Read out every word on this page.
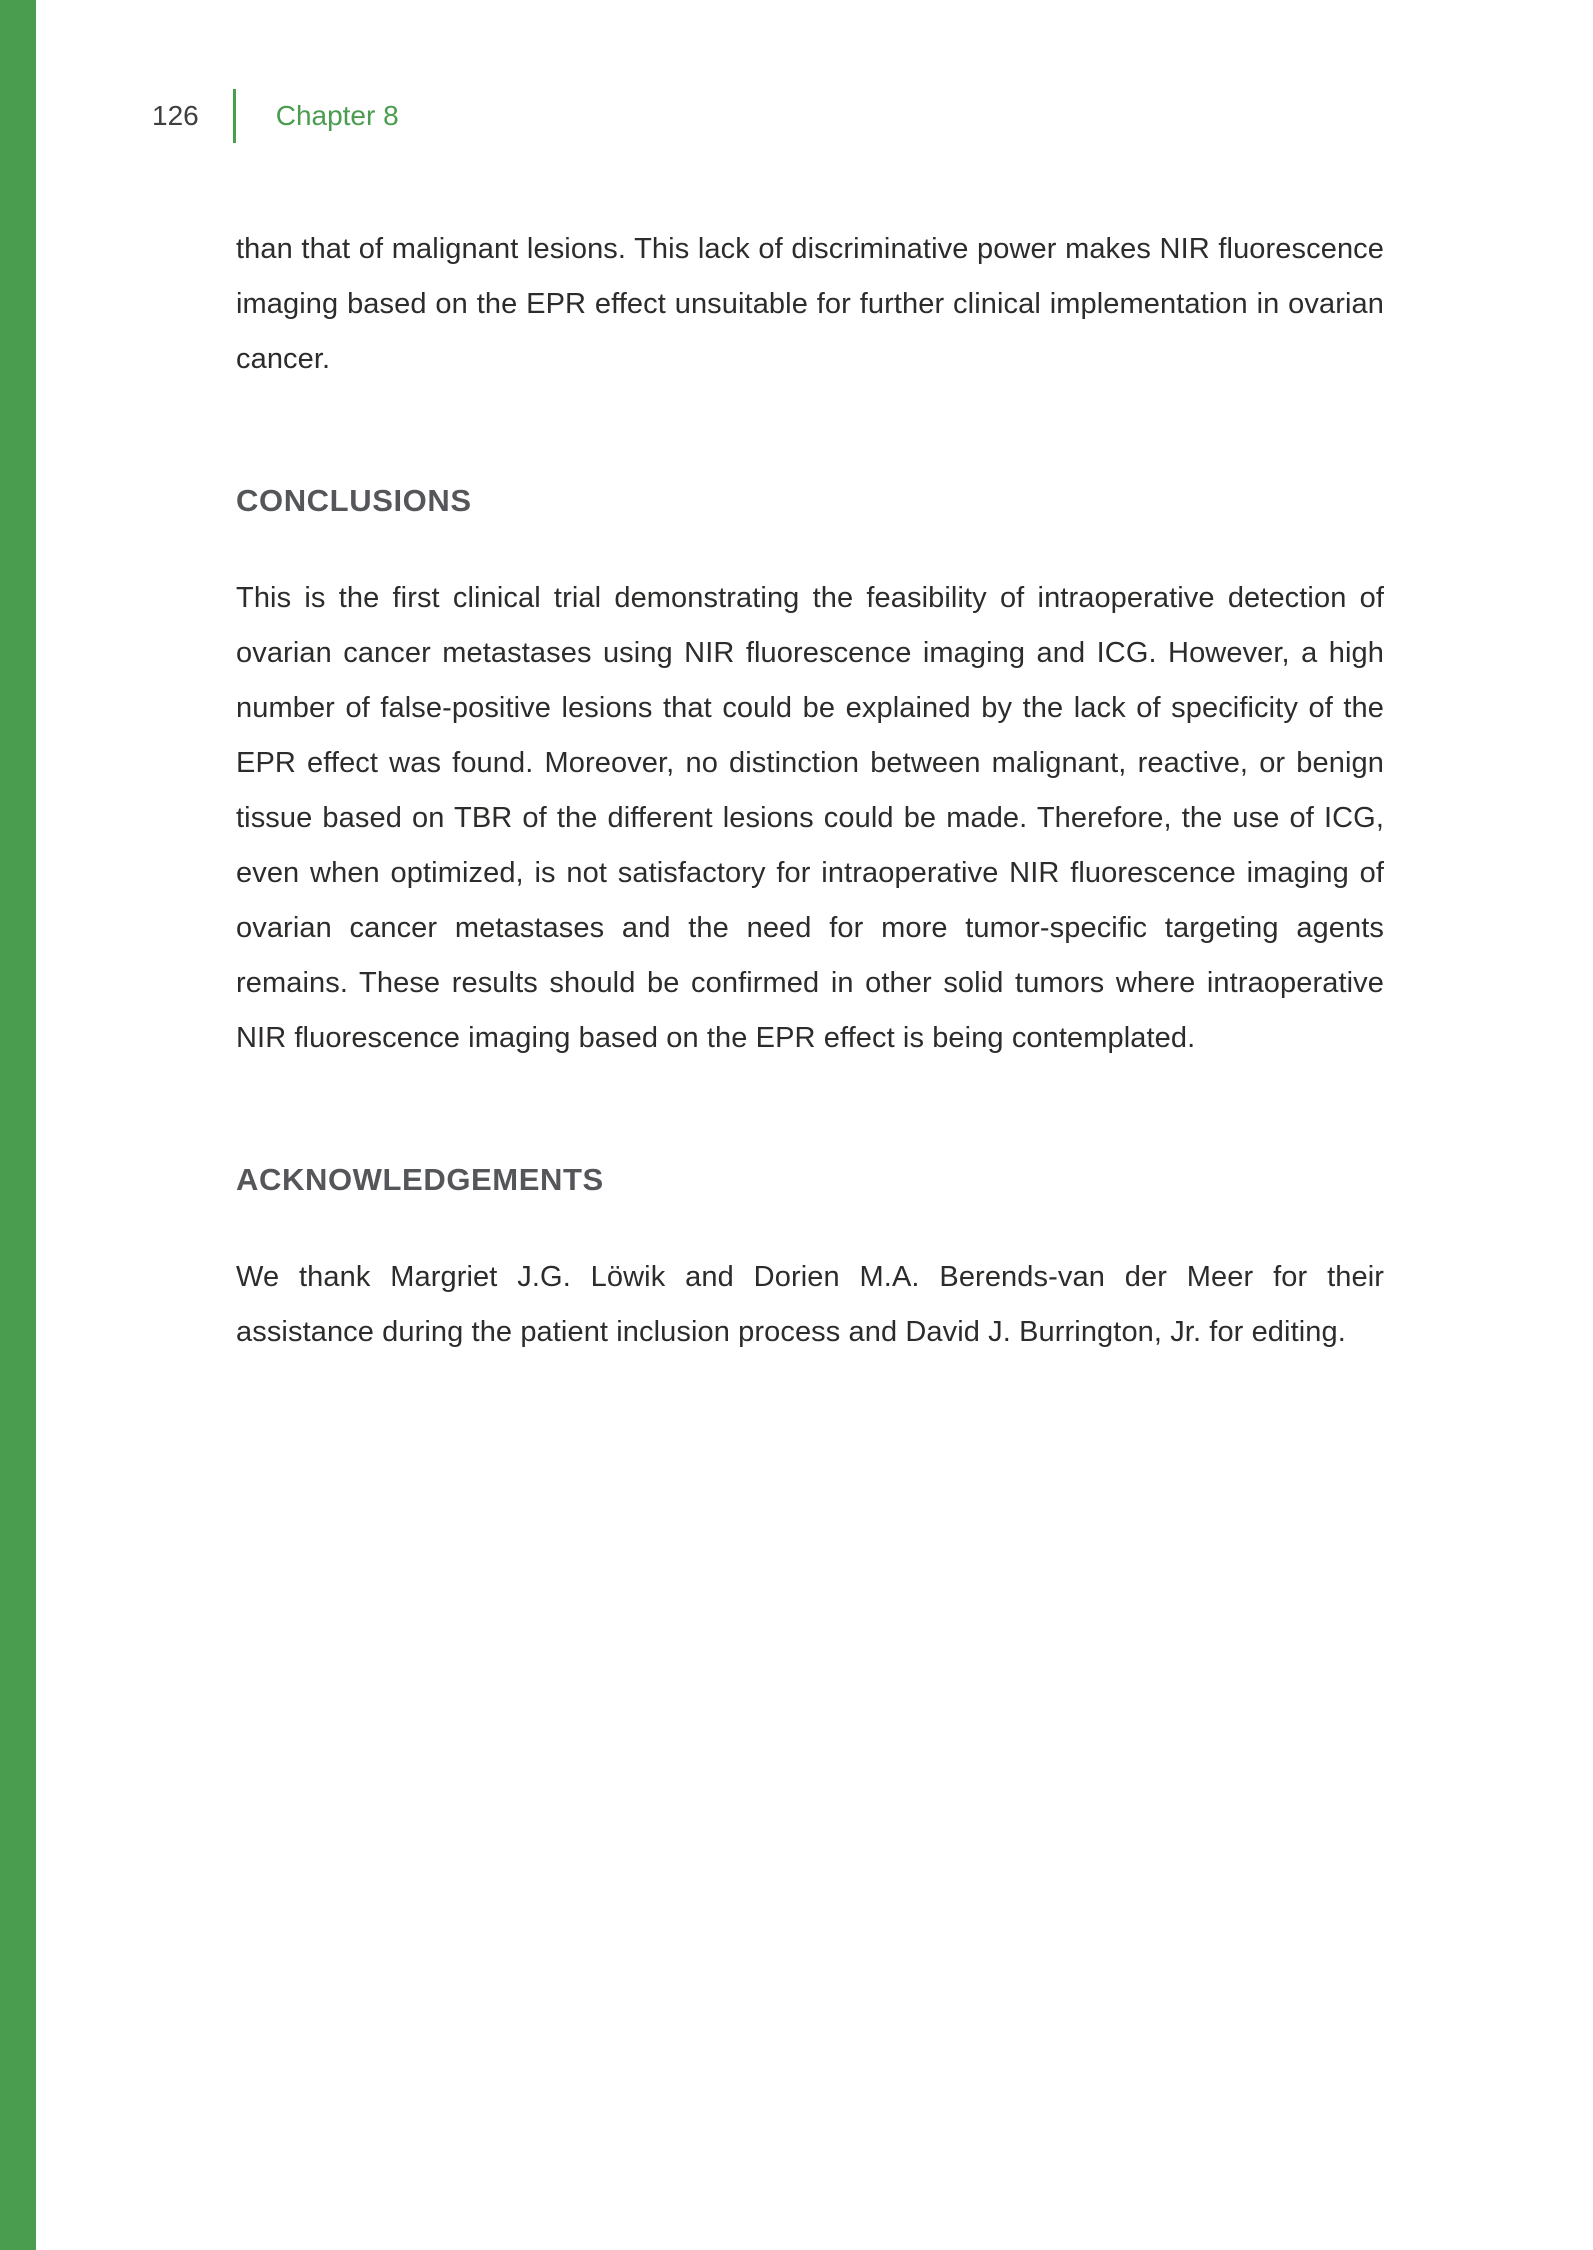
126	Chapter 8

than that of malignant lesions. This lack of discriminative power makes NIR fluorescence imaging based on the EPR effect unsuitable for further clinical implementation in ovarian cancer.

CONCLUSIONS

This is the first clinical trial demonstrating the feasibility of intraoperative detection of ovarian cancer metastases using NIR fluorescence imaging and ICG. However, a high number of false-positive lesions that could be explained by the lack of specificity of the EPR effect was found. Moreover, no distinction between malignant, reactive, or benign tissue based on TBR of the different lesions could be made. Therefore, the use of ICG, even when optimized, is not satisfactory for intraoperative NIR fluorescence imaging of ovarian cancer metastases and the need for more tumor-specific targeting agents remains. These results should be confirmed in other solid tumors where intraoperative NIR fluorescence imaging based on the EPR effect is being contemplated.

ACKNOWLEDGEMENTS

We thank Margriet J.G. Löwik and Dorien M.A. Berends-van der Meer for their assistance during the patient inclusion process and David J. Burrington, Jr. for editing.
